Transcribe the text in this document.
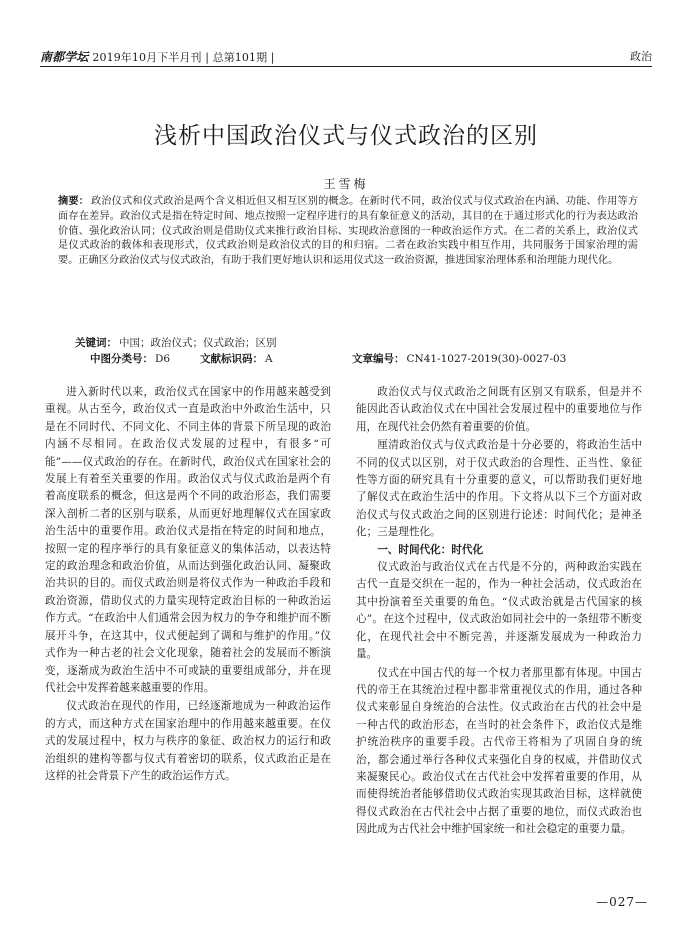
南都学坛 2019年10月下半月刊 | 总第101期 |	政治
浅析中国政治仪式与仪式政治的区别
王雪梅
摘要： 政治仪式和仪式政治是两个含义相近但又相互区别的概念。在新时代不同，政治仪式与仪式政治在内涵、功能、作用等方面存在差异。政治仪式是指在特定时间、地点按照一定程序进行的具有象征意义的活动，其目的在于通过形式化的行为表达政治价值、强化政治认同；仪式政治则是借助仪式来推行政治目标、实现政治意图的一种政治运作方式。在二者的关系上，政治仪式是仪式政治的载体和表现形式，仪式政治则是政治仪式的目的和归宿。二者在政治实践中相互作用，共同服务于国家治理的需要。正确区分政治仪式与仪式政治，有助于我们更好地认识和运用仪式这一政治资源，推进国家治理体系和治理能力现代化。
关键词： 中国；政治仪式；仪式政治；区别
中图分类号： D6	文献标识码： A	文章编号： CN41-1027-2019(30)-0027-03

进入新时代以来，政治仪式在国家中的作用越来越受到重视。从古至今，政治仪式一直是政治中外政治生活中，只是在不同时代、不同文化、不同主体的背景下所呈现的政治内涵不尽相同。在政治仪式发展的过程中，有很多“可能”——仪式政治的存在。在新时代，政治仪式在国家社会的发展上有着至关重要的作用。政治仪式与仪式政治是两个有着高度联系的概念，但这是两个不同的政治形态，我们需要深入剖析二者的区别与联系，从而更好地理解仪式在国家政治生活中的重要作用。政治仪式是指在特定的时间和地点，按照一定的程序举行的具有象征意义的集体活动，以表达特定的政治理念和政治价值，从而达到强化政治认同、凝聚政治共识的目的。而仪式政治则是将仪式作为一种政治手段和政治资源，借助仪式的力量实现特定政治目标的一种政治运作方式。“在政治中人们通常会因为权力的争夺和维护而不断展开斗争，在这其中，仪式便起到了调和与维护的作用。”仪式作为一种古老的社会文化现象，随着社会的发展而不断演变，逐渐成为政治生活中不可或缺的重要组成部分，并在现代社会中发挥着越来越重要的作用。

仪式政治在现代的作用，已经逐渐地成为一种政治运作的方式，而这种方式在国家治理中的作用越来越重要。在仪式的发展过程中，权力与秩序的象征、政治权力的运行和政治组织的建构等都与仪式有着密切的联系，仪式政治正是在这样的社会背景下产生的政治运作方式。

政治仪式与仪式政治之间既有区别又有联系，但是并不能因此否认政治仪式在中国社会发展过程中的重要地位与作用，在现代社会仍然有着重要的价值。

厘清政治仪式与仪式政治是十分必要的，将政治生活中不同的仪式以区别，对于仪式政治的合理性、正当性、象征性等方面的研究具有十分重要的意义，可以帮助我们更好地了解仪式在政治生活中的作用。下文将从以下三个方面对政治仪式与仪式政治之间的区别进行论述：时间代化；是神圣化；三是理性化。

一、时间代化：时代化

仪式政治与政治仪式在古代是不分的，两种政治实践在古代一直是交织在一起的，作为一种社会活动，仪式政治在其中扮演着至关重要的角色。“仪式政治就是古代国家的核心”。在这个过程中，仪式政治如同社会中的一条纽带不断变化，在现代社会中不断完善，并逐渐发展成为一种政治力量。

仪式在中国古代的每一个权力者那里都有体现。中国古代的帝王在其统治过程中都非常重视仪式的作用，通过各种仪式来彰显自身统治的合法性。仪式政治在古代的社会中是一种古代的政治形态，在当时的社会条件下，政治仪式是维护统治秩序的重要手段。古代帝王将相为了巩固自身的统治，都会通过举行各种仪式来强化自身的权威，并借助仪式来凝聚民心。政治仪式在古代社会中发挥着重要的作用，从而使得统治者能够借助仪式政治实现其政治目标，这样就使得仪式政治在古代社会中占据了重要的地位，而仪式政治也因此成为古代社会中维护国家统一和社会稳定的重要力量。

—027—
